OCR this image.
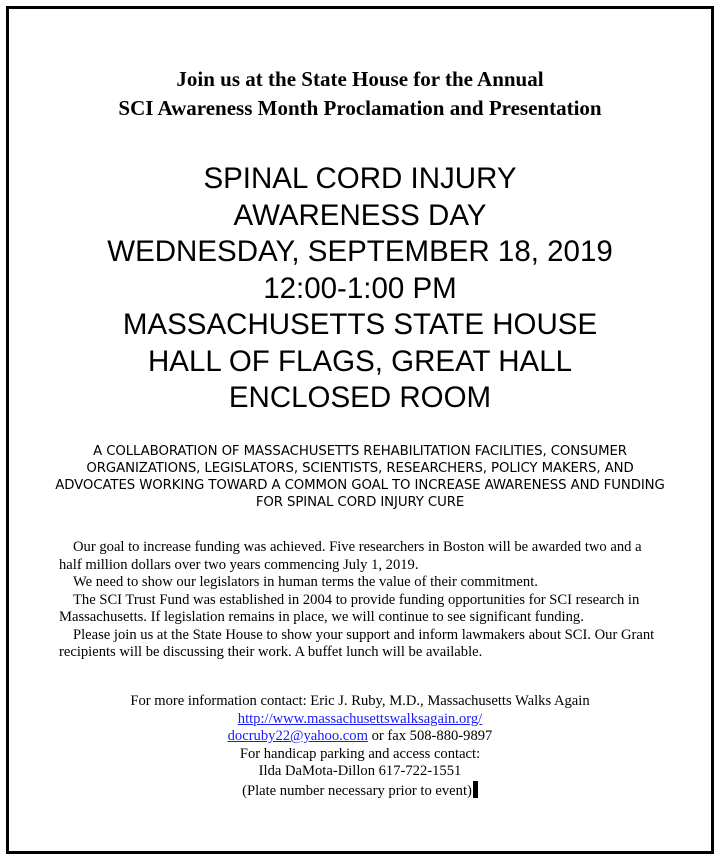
Join us at the State House for the Annual
SCI Awareness Month Proclamation and Presentation
SPINAL CORD INJURY
AWARENESS DAY
WEDNESDAY, SEPTEMBER 18, 2019
12:00-1:00 PM
MASSACHUSETTS STATE HOUSE
HALL OF FLAGS, GREAT HALL
ENCLOSED ROOM
A COLLABORATION OF MASSACHUSETTS REHABILITATION FACILITIES, CONSUMER ORGANIZATIONS, LEGISLATORS, SCIENTISTS, RESEARCHERS, POLICY MAKERS, AND ADVOCATES WORKING TOWARD A COMMON GOAL TO INCREASE AWARENESS AND FUNDING FOR SPINAL CORD INJURY CURE

Our goal to increase funding was achieved. Five researchers in Boston will be awarded two and a half million dollars over two years commencing July 1, 2019.

We need to show our legislators in human terms the value of their commitment.

The SCI Trust Fund was established in 2004 to provide funding opportunities for SCI research in Massachusetts. If legislation remains in place, we will continue to see significant funding.

Please join us at the State House to show your support and inform lawmakers about SCI. Our Grant recipients will be discussing their work. A buffet lunch will be available.

For more information contact: Eric J. Ruby, M.D., Massachusetts Walks Again
http://www.massachusettswalksagain.org/
docruby22@yahoo.com or fax 508-880-9897
For handicap parking and access contact:
Ilda DaMota-Dillon 617-722-1551
(Plate number necessary prior to event)
